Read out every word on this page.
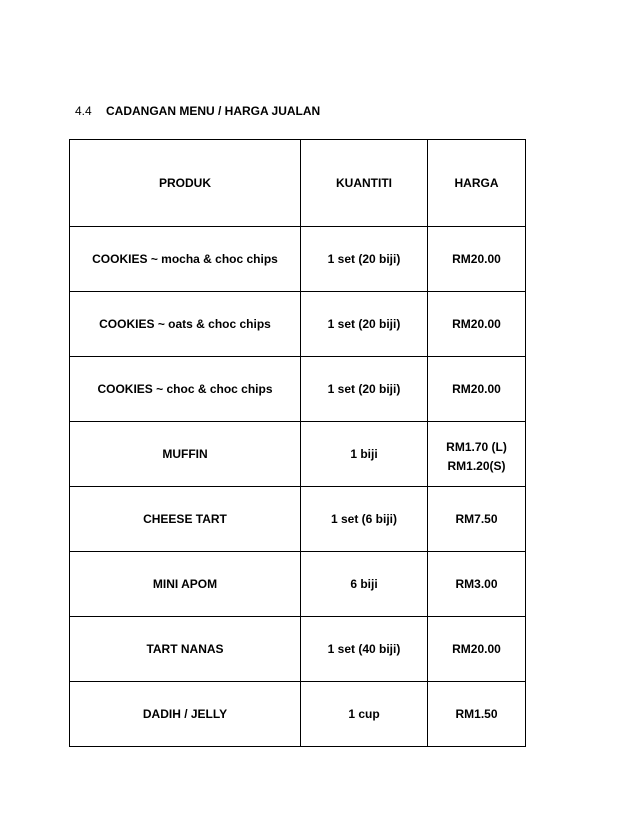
4.4 CADANGAN MENU / HARGA JUALAN
PRODUK	KUANTITI	HARGA
COOKIES ~ mocha & choc chips	1 set (20 biji)	RM20.00

COOKIES ~ oats & choc chips	1 set (20 biji)	RM20.00

COOKIES ~ choc & choc chips	1 set (20 biji)	RM20.00

MUFFIN	1 biji	RM1.70 (L)
RM1.20(S)

CHEESE TART	1 set (6 biji)	RM7.50

MINI APOM	6 biji	RM3.00

TART NANAS	1 set (40 biji)	RM20.00

DADIH / JELLY	1 cup	RM1.50
